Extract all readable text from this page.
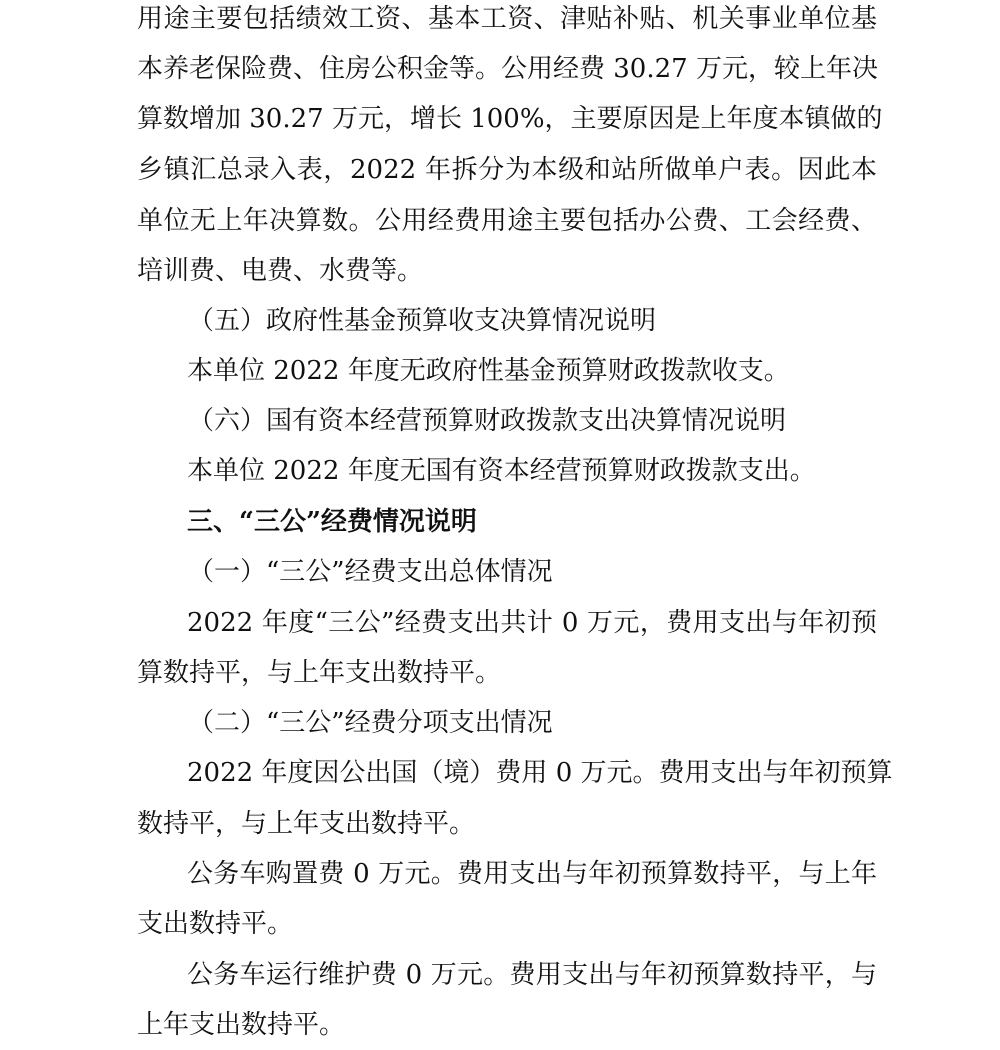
用途主要包括绩效工资、基本工资、津贴补贴、机关事业单位基

本养老保险费、住房公积金等。公用经费 30.27 万元，较上年决

算数增加 30.27 万元，增长 100%，主要原因是上年度本镇做的

乡镇汇总录入表，2022 年拆分为本级和站所做单户表。因此本

单位无上年决算数。公用经费用途主要包括办公费、工会经费、

培训费、电费、水费等。

（五）政府性基金预算收支决算情况说明

本单位 2022 年度无政府性基金预算财政拨款收支。

（六）国有资本经营预算财政拨款支出决算情况说明

本单位 2022 年度无国有资本经营预算财政拨款支出。

三、“三公”经费情况说明

（一）“三公”经费支出总体情况

2022 年度“三公”经费支出共计 0 万元，费用支出与年初预

算数持平，与上年支出数持平。

（二）“三公”经费分项支出情况

2022 年度因公出国（境）费用 0 万元。费用支出与年初预算

数持平，与上年支出数持平。

公务车购置费 0 万元。费用支出与年初预算数持平，与上年

支出数持平。

公务车运行维护费 0 万元。费用支出与年初预算数持平，与

上年支出数持平。
